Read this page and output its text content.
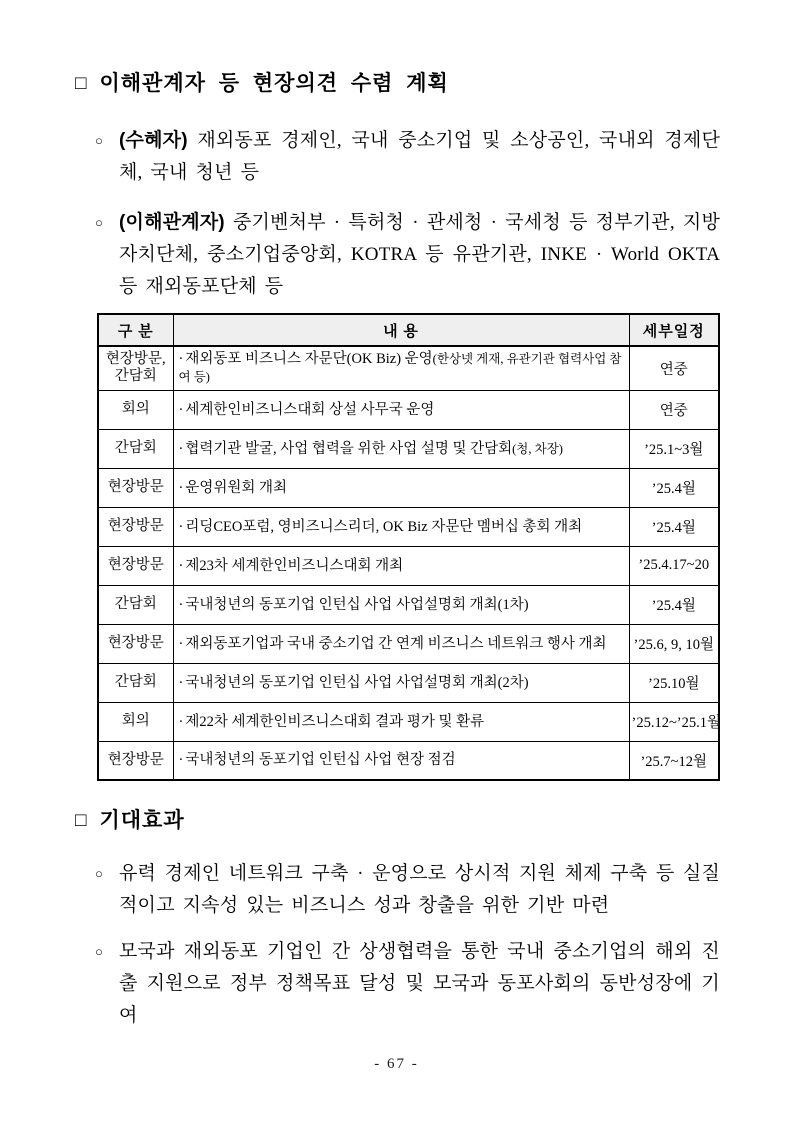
□ 이해관계자 등 현장의견 수렴 계획
○ (수혜자) 재외동포 경제인, 국내 중소기업 및 소상공인, 국내외 경제단체, 국내 청년 등
○ (이해관계자) 중기벤처부 · 특허청 · 관세청 · 국세청 등 정부기관, 지방자치단체, 중소기업중앙회, KOTRA 등 유관기관, INKE · World OKTA 등 재외동포단체 등
구 분	내 용	세부일정
현장방문, 간담회	· 재외동포 비즈니스 자문단(OK Biz) 운영(한상넷 게재, 유관기관 협력사업 참여 등)	연중
회의	· 세계한인비즈니스대회 상설 사무국 운영	연중
간담회	· 협력기관 발굴, 사업 협력을 위한 사업 설명 및 간담회(청, 차장)	’25.1~3월
현장방문	· 운영위원회 개최	’25.4월
현장방문	· 리딩CEO포럼, 영비즈니스리더, OK Biz 자문단 멤버십 총회 개최	’25.4월
현장방문	· 제23차 세계한인비즈니스대회 개최	’25.4.17~20
간담회	· 국내청년의 동포기업 인턴십 사업 사업설명회 개최(1차)	’25.4월
현장방문	· 재외동포기업과 국내 중소기업 간 연계 비즈니스 네트워크 행사 개최	’25.6, 9, 10월
간담회	· 국내청년의 동포기업 인턴십 사업 사업설명회 개최(2차)	’25.10월
회의	· 제22차 세계한인비즈니스대회 결과 평가 및 환류	’25.12~’25.1월
현장방문	· 국내청년의 동포기업 인턴십 사업 현장 점검	’25.7~12월
□ 기대효과
○ 유력 경제인 네트워크 구축 · 운영으로 상시적 지원 체제 구축 등 실질적이고 지속성 있는 비즈니스 성과 창출을 위한 기반 마련
○ 모국과 재외동포 기업인 간 상생협력을 통한 국내 중소기업의 해외 진출 지원으로 정부 정책목표 달성 및 모국과 동포사회의 동반성장에 기여
- 67 -
